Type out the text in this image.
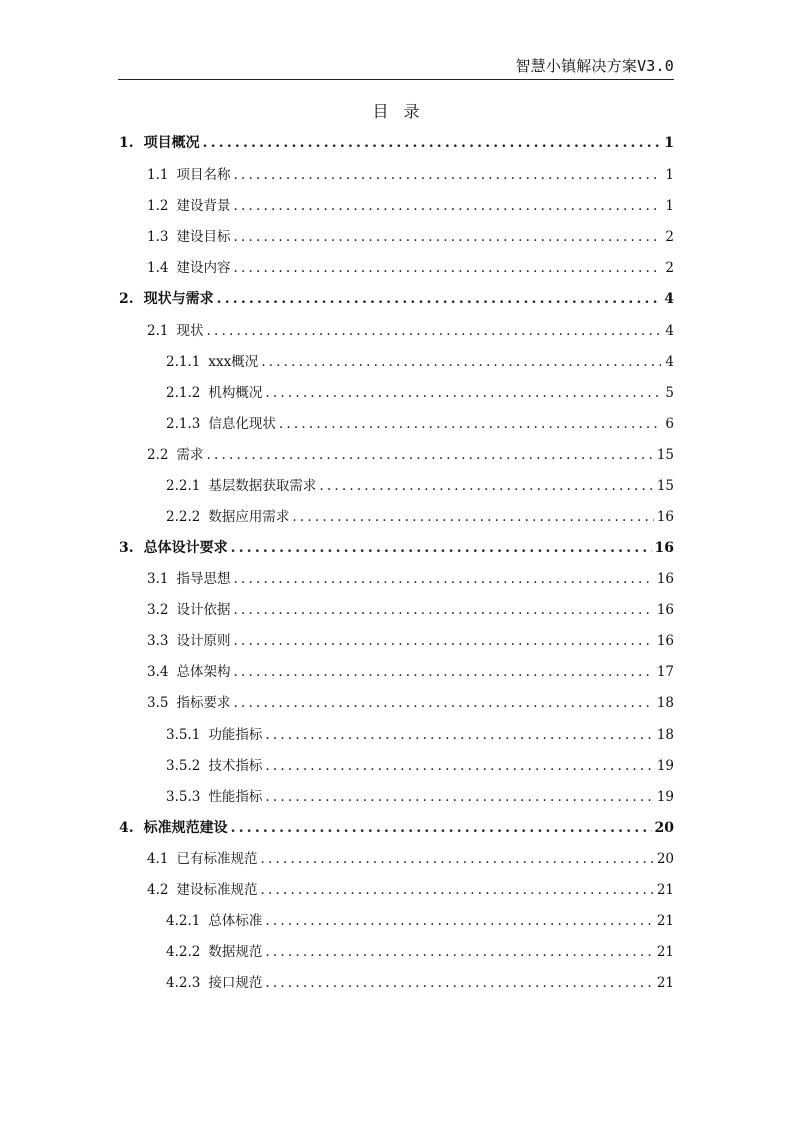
智慧小镇解决方案V3.0
目 录
1. 项目概况 .....	1
1.1 项目名称 .....	1
1.2 建设背景 .....	1
1.3 建设目标 .....	2
1.4 建设内容 .....	2
2. 现状与需求 .....	4
2.1 现状 .....	4
2.1.1 xxx概况 .....	4
2.1.2 机构概况 .....	5
2.1.3 信息化现状 .....	6
2.2 需求 .....	15
2.2.1 基层数据获取需求 .....	15
2.2.2 数据应用需求 .....	16
3. 总体设计要求 .....	16
3.1 指导思想 .....	16
3.2 设计依据 .....	16
3.3 设计原则 .....	16
3.4 总体架构 .....	17
3.5 指标要求 .....	18
3.5.1 功能指标 .....	18
3.5.2 技术指标 .....	19
3.5.3 性能指标 .....	19
4. 标准规范建设 .....	20
4.1 已有标准规范 .....	20
4.2 建设标准规范 .....	21
4.2.1 总体标准 .....	21
4.2.2 数据规范 .....	21
4.2.3 接口规范 .....	21
